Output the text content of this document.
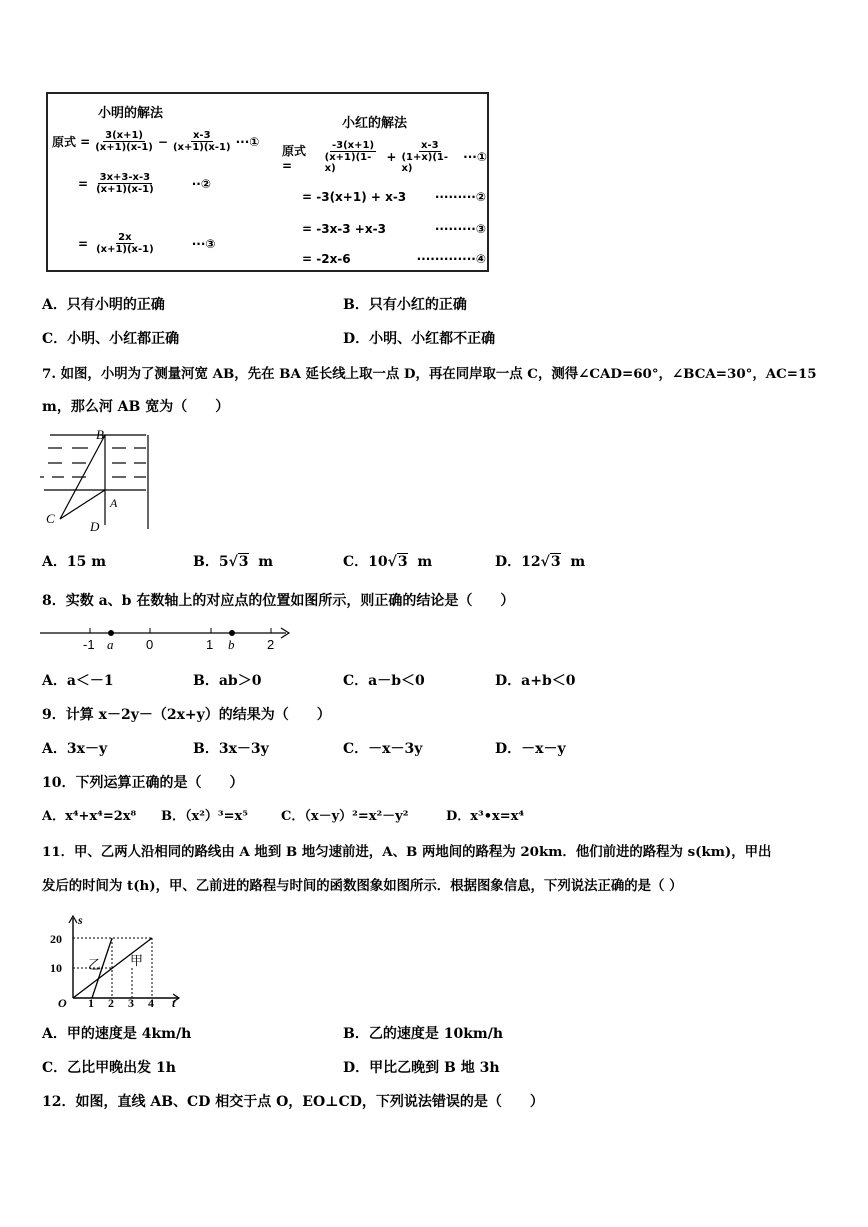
小明的解法
原式 = $\frac{3(x+1)}{(x+1)(x-1)} - \frac{x-3}{(x+1)(x-1)}$ ···①
= $\frac{3x+3-x-3}{(x+1)(x-1)}$	··②
= $\frac{2x}{(x+1)(x-1)}$	···③
小红的解法
原式 =	$\frac{-3(x+1)}{(x+1)(1-x)} + \frac{x-3}{(1+x)(1-x)}$ ···①
= -3(x+1) + x-3 ·········②
= -3x-3 +x-3	·········③
= -2x-6	·············④
A．只有小明的正确	B．只有小红的正确
C．小明、小红都正确	D．小明、小红都不正确
7. 如图，小明为了测量河宽 AB，先在 BA 延长线上取一点 D，再在同岸取一点 C，测得∠CAD=60°，∠BCA=30°，AC=15
m，那么河 AB 宽为（　　）
B
A
C
D
A．15 m	B．5√3 m	C．10√3 m	D．12√3 m
8．实数 a、b 在数轴上的对应点的位置如图所示，则正确的结论是（　　）
-1	0	1	2
a	b
A．a＜－1	B．ab＞0	C．a－b＜0	D．a+b＜0
9．计算 x－2y－（2x+y）的结果为（　　）
A．3x－y	B．3x－3y	C．－x－3y	D．－x－y
10．下列运算正确的是（　　）
A．x⁴+x⁴=2x⁸ B．（x²）³=x⁵	C．（x－y）²=x²－y²	D．x³•x=x⁴
11．甲、乙两人沿相同的路线由 A 地到 B 地匀速前进，A、B 两地间的路程为 20km．他们前进的路程为 s(km)，甲出
发后的时间为 t(h)，甲、乙前进的路程与时间的函数图象如图所示．根据图象信息，下列说法正确的是（ ）
s
t
O
20
10
1 2 3 4
乙 甲
A．甲的速度是 4km/h	B．乙的速度是 10km/h
C．乙比甲晚出发 1h	D．甲比乙晚到 B 地 3h
12．如图，直线 AB、CD 相交于点 O，EO⊥CD，下列说法错误的是（　　）
